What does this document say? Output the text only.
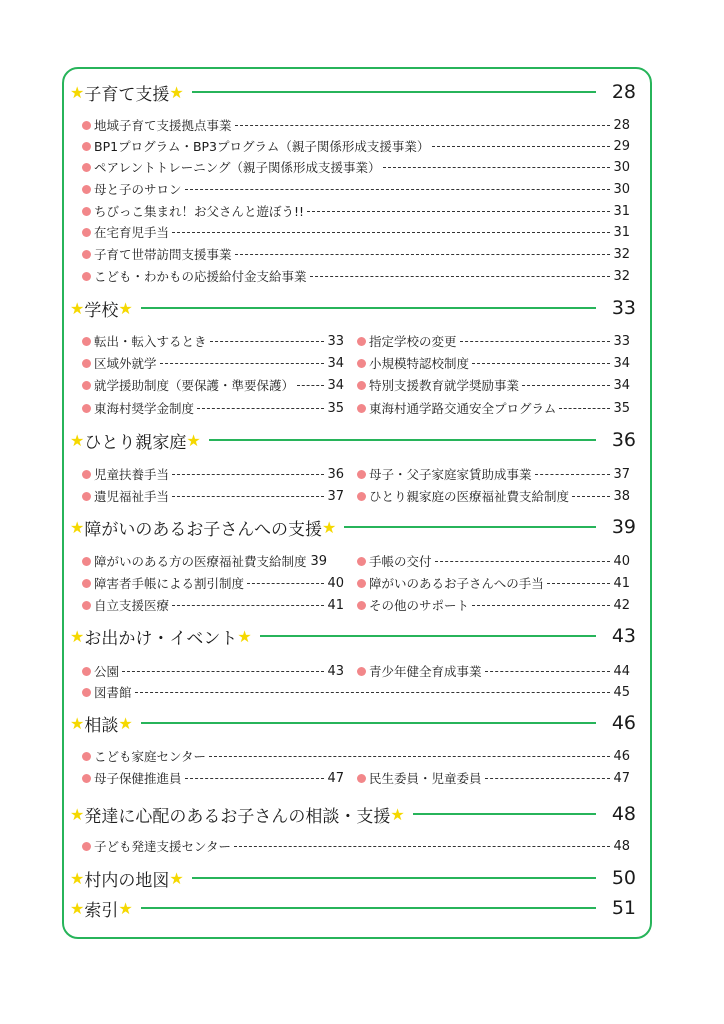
★ 子育て支援 ★	28
地域子育て支援拠点事業	28
BP1プログラム・BP3プログラム（親子関係形成支援事業）	29
ペアレントトレーニング（親子関係形成支援事業）	30
母と子のサロン	30
ちびっこ集まれ！お父さんと遊ぼう!!	31
在宅育児手当	31
子育て世帯訪問支援事業	32
こども・わかもの応援給付金支給事業	32
★ 学校 ★	33
転出・転入するとき	33 指定学校の変更	33
区域外就学	34 小規模特認校制度	34
就学援助制度（要保護・準要保護）	34 特別支援教育就学奨励事業	34
東海村奨学金制度	35 東海村通学路交通安全プログラム	35
★ ひとり親家庭 ★	36
児童扶養手当	36 母子・父子家庭家賃助成事業	37
遺児福祉手当	37 ひとり親家庭の医療福祉費支給制度	38
★ 障がいのあるお子さんへの支援 ★	39
障がいのある方の医療福祉費支給制度 39	手帳の交付	40
障害者手帳による割引制度	40 障がいのあるお子さんへの手当	41
自立支援医療	41 その他のサポート	42
★ お出かけ・イベント ★	43
公園	43 青少年健全育成事業	44
図書館	45
★ 相談 ★	46
こども家庭センター	46
母子保健推進員	47 民生委員・児童委員	47
★ 発達に心配のあるお子さんの相談・支援 ★	48
子ども発達支援センター	48
★ 村内の地図 ★	50
★ 索引 ★	51
